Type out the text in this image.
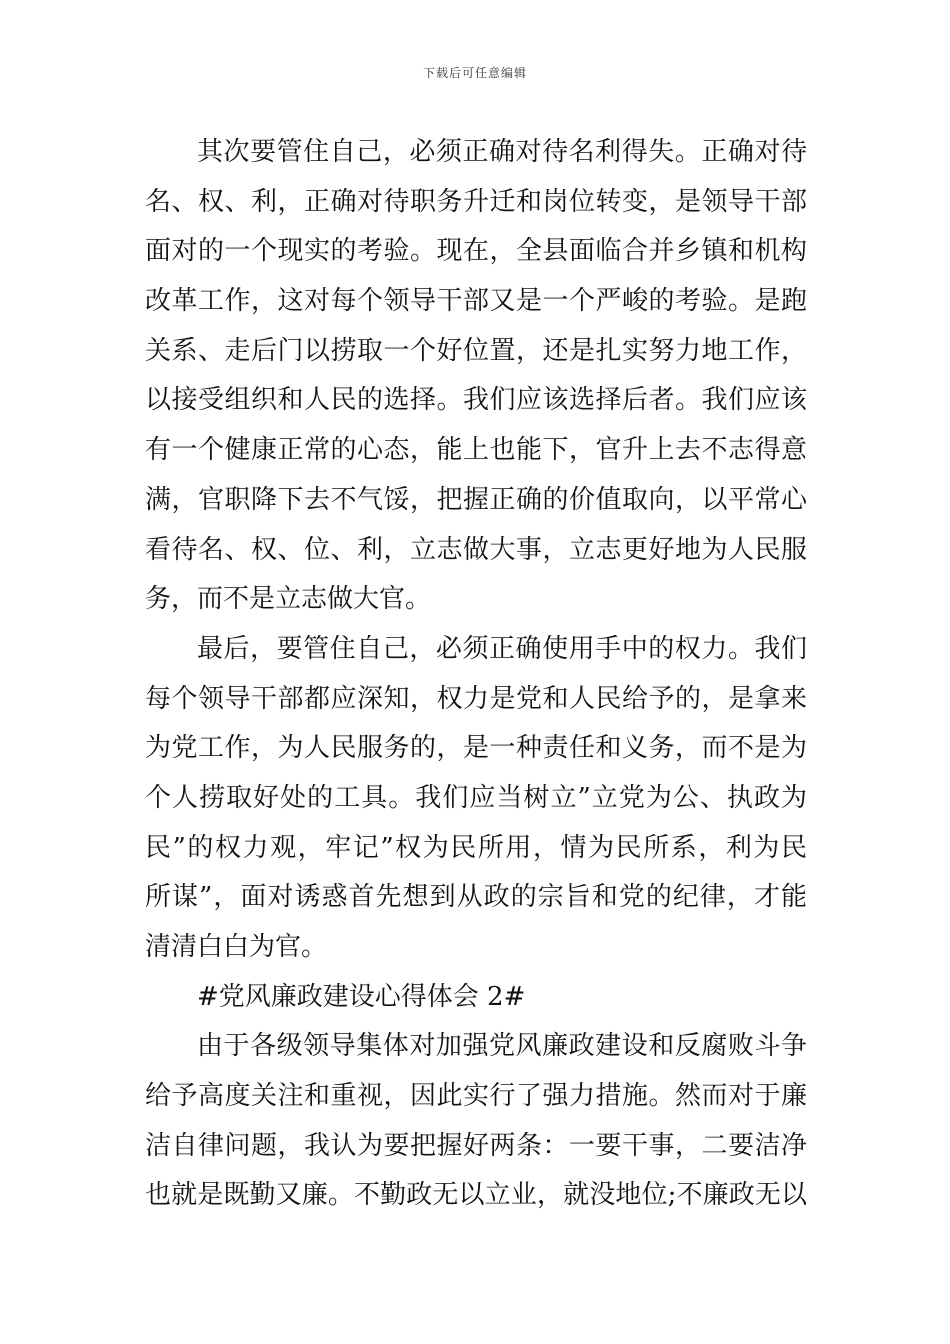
下载后可任意编辑
其次要管住自己，必须正确对待名利得失。正确对待
名、权、利，正确对待职务升迁和岗位转变，是领导干部
面对的一个现实的考验。现在，全县面临合并乡镇和机构
改革工作，这对每个领导干部又是一个严峻的考验。是跑
关系、走后门以捞取一个好位置，还是扎实努力地工作，
以接受组织和人民的选择。我们应该选择后者。我们应该
有一个健康正常的心态，能上也能下，官升上去不志得意
满，官职降下去不气馁，把握正确的价值取向，以平常心
看待名、权、位、利，立志做大事，立志更好地为人民服
务，而不是立志做大官。
最后，要管住自己，必须正确使用手中的权力。我们
每个领导干部都应深知，权力是党和人民给予的，是拿来
为党工作，为人民服务的，是一种责任和义务，而不是为
个人捞取好处的工具。我们应当树立”立党为公、执政为
民”的权力观，牢记”权为民所用，情为民所系，利为民
所谋”，面对诱惑首先想到从政的宗旨和党的纪律，才能
清清白白为官。
#党风廉政建设心得体会 2#
由于各级领导集体对加强党风廉政建设和反腐败斗争
给予高度关注和重视，因此实行了强力措施。然而对于廉
洁自律问题，我认为要把握好两条：一要干事，二要洁净
也就是既勤又廉。不勤政无以立业，就没地位;不廉政无以
